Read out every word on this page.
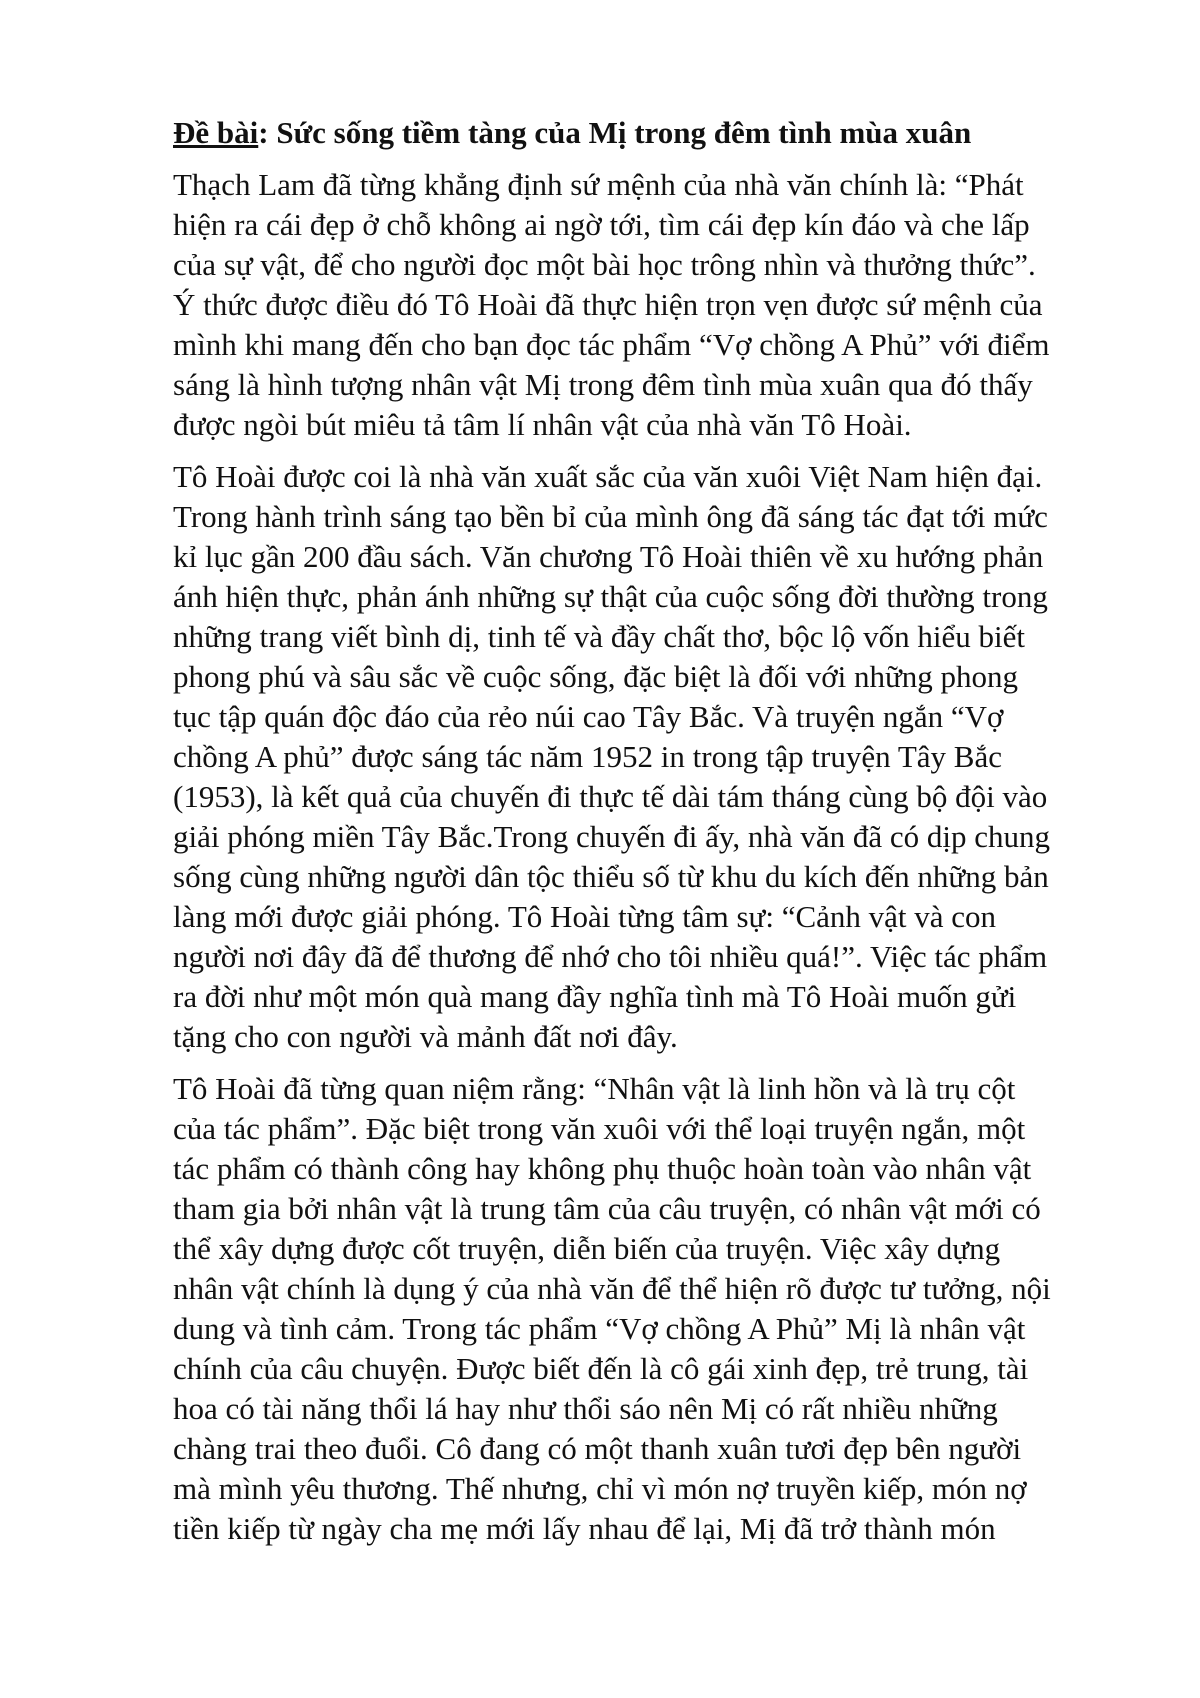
Đề bài: Sức sống tiềm tàng của Mị trong đêm tình mùa xuân
Thạch Lam đã từng khẳng định sứ mệnh của nhà văn chính là: “Phát
hiện ra cái đẹp ở chỗ không ai ngờ tới, tìm cái đẹp kín đáo và che lấp
của sự vật, để cho người đọc một bài học trông nhìn và thưởng thức”.
Ý thức được điều đó Tô Hoài đã thực hiện trọn vẹn được sứ mệnh của
mình khi mang đến cho bạn đọc tác phẩm “Vợ chồng A Phủ” với điểm
sáng là hình tượng nhân vật Mị trong đêm tình mùa xuân qua đó thấy
được ngòi bút miêu tả tâm lí nhân vật của nhà văn Tô Hoài.
Tô Hoài được coi là nhà văn xuất sắc của văn xuôi Việt Nam hiện đại.
Trong hành trình sáng tạo bền bỉ của mình ông đã sáng tác đạt tới mức
kỉ lục gần 200 đầu sách. Văn chương Tô Hoài thiên về xu hướng phản
ánh hiện thực, phản ánh những sự thật của cuộc sống đời thường trong
những trang viết bình dị, tinh tế và đầy chất thơ, bộc lộ vốn hiểu biết
phong phú và sâu sắc về cuộc sống, đặc biệt là đối với những phong
tục tập quán độc đáo của rẻo núi cao Tây Bắc. Và truyện ngắn “Vợ
chồng A phủ” được sáng tác năm 1952 in trong tập truyện Tây Bắc
(1953), là kết quả của chuyến đi thực tế dài tám tháng cùng bộ đội vào
giải phóng miền Tây Bắc.Trong chuyến đi ấy, nhà văn đã có dịp chung
sống cùng những người dân tộc thiểu số từ khu du kích đến những bản
làng mới được giải phóng. Tô Hoài từng tâm sự: “Cảnh vật và con
người nơi đây đã để thương để nhớ cho tôi nhiều quá!”. Việc tác phẩm
ra đời như một món quà mang đầy nghĩa tình mà Tô Hoài muốn gửi
tặng cho con người và mảnh đất nơi đây.
Tô Hoài đã từng quan niệm rằng: “Nhân vật là linh hồn và là trụ cột
của tác phẩm”. Đặc biệt trong văn xuôi với thể loại truyện ngắn, một
tác phẩm có thành công hay không phụ thuộc hoàn toàn vào nhân vật
tham gia bởi nhân vật là trung tâm của câu truyện, có nhân vật mới có
thể xây dựng được cốt truyện, diễn biến của truyện. Việc xây dựng
nhân vật chính là dụng ý của nhà văn để thể hiện rõ được tư tưởng, nội
dung và tình cảm. Trong tác phẩm “Vợ chồng A Phủ” Mị là nhân vật
chính của câu chuyện. Được biết đến là cô gái xinh đẹp, trẻ trung, tài
hoa có tài năng thổi lá hay như thổi sáo nên Mị có rất nhiều những
chàng trai theo đuổi. Cô đang có một thanh xuân tươi đẹp bên người
mà mình yêu thương. Thế nhưng, chỉ vì món nợ truyền kiếp, món nợ
tiền kiếp từ ngày cha mẹ mới lấy nhau để lại, Mị đã trở thành món
